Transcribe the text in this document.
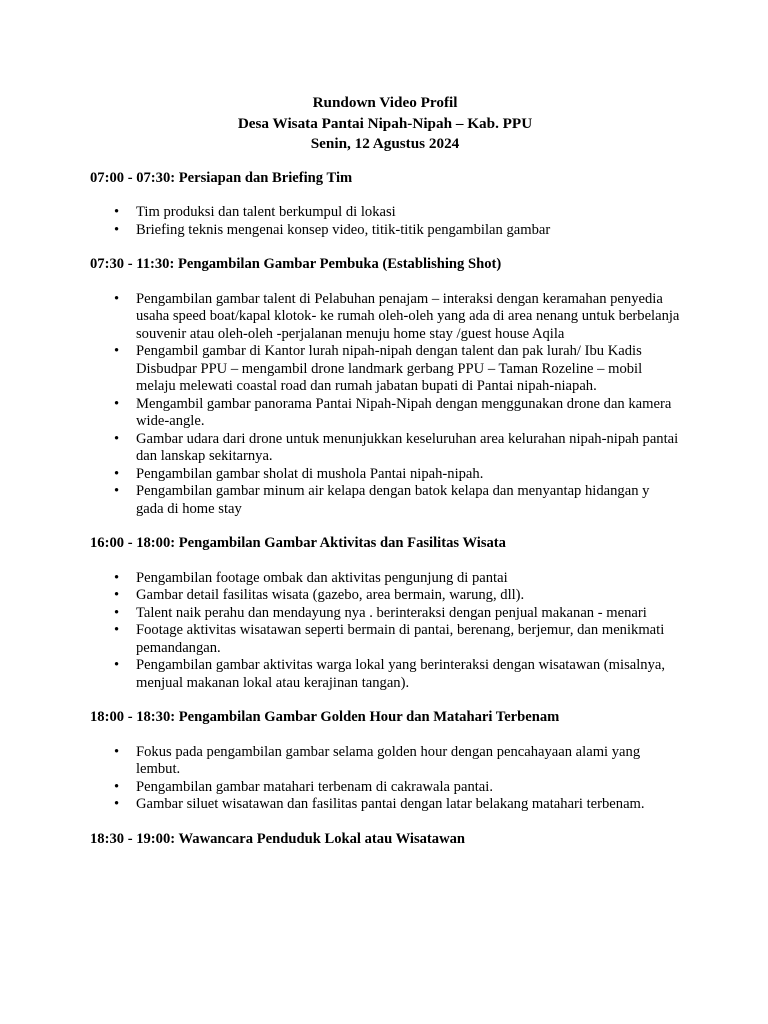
Rundown Video Profil
Desa Wisata Pantai Nipah-Nipah – Kab. PPU
Senin, 12 Agustus 2024
07:00 - 07:30: Persiapan dan Briefing Tim
• Tim produksi dan talent berkumpul di lokasi
• Briefing teknis mengenai konsep video, titik-titik pengambilan gambar
07:30 - 11:30: Pengambilan Gambar Pembuka (Establishing Shot)
• Pengambilan gambar talent di Pelabuhan penajam – interaksi dengan keramahan penyedia usaha speed boat/kapal klotok- ke rumah oleh-oleh yang ada di area nenang untuk berbelanja souvenir atau oleh-oleh -perjalanan menuju home stay /guest house Aqila
• Pengambil gambar di Kantor lurah nipah-nipah dengan talent dan pak lurah/ Ibu Kadis Disbudpar PPU – mengambil drone landmark gerbang PPU – Taman Rozeline – mobil melaju melewati coastal road dan rumah jabatan bupati di Pantai nipah-niapah.
• Mengambil gambar panorama Pantai Nipah-Nipah dengan menggunakan drone dan kamera wide-angle.
• Gambar udara dari drone untuk menunjukkan keseluruhan area kelurahan nipah-nipah pantai dan lanskap sekitarnya.
• Pengambilan gambar sholat di mushola Pantai nipah-nipah.
• Pengambilan gambar minum air kelapa dengan batok kelapa dan menyantap hidangan y gada di home stay
16:00 - 18:00: Pengambilan Gambar Aktivitas dan Fasilitas Wisata
• Pengambilan footage ombak dan aktivitas pengunjung di pantai
• Gambar detail fasilitas wisata (gazebo, area bermain, warung, dll).
• Talent naik perahu dan mendayung nya . berinteraksi dengan penjual makanan - menari
• Footage aktivitas wisatawan seperti bermain di pantai, berenang, berjemur, dan menikmati pemandangan.
• Pengambilan gambar aktivitas warga lokal yang berinteraksi dengan wisatawan (misalnya, menjual makanan lokal atau kerajinan tangan).
18:00 - 18:30: Pengambilan Gambar Golden Hour dan Matahari Terbenam
• Fokus pada pengambilan gambar selama golden hour dengan pencahayaan alami yang lembut.
• Pengambilan gambar matahari terbenam di cakrawala pantai.
• Gambar siluet wisatawan dan fasilitas pantai dengan latar belakang matahari terbenam.
18:30 - 19:00: Wawancara Penduduk Lokal atau Wisatawan
